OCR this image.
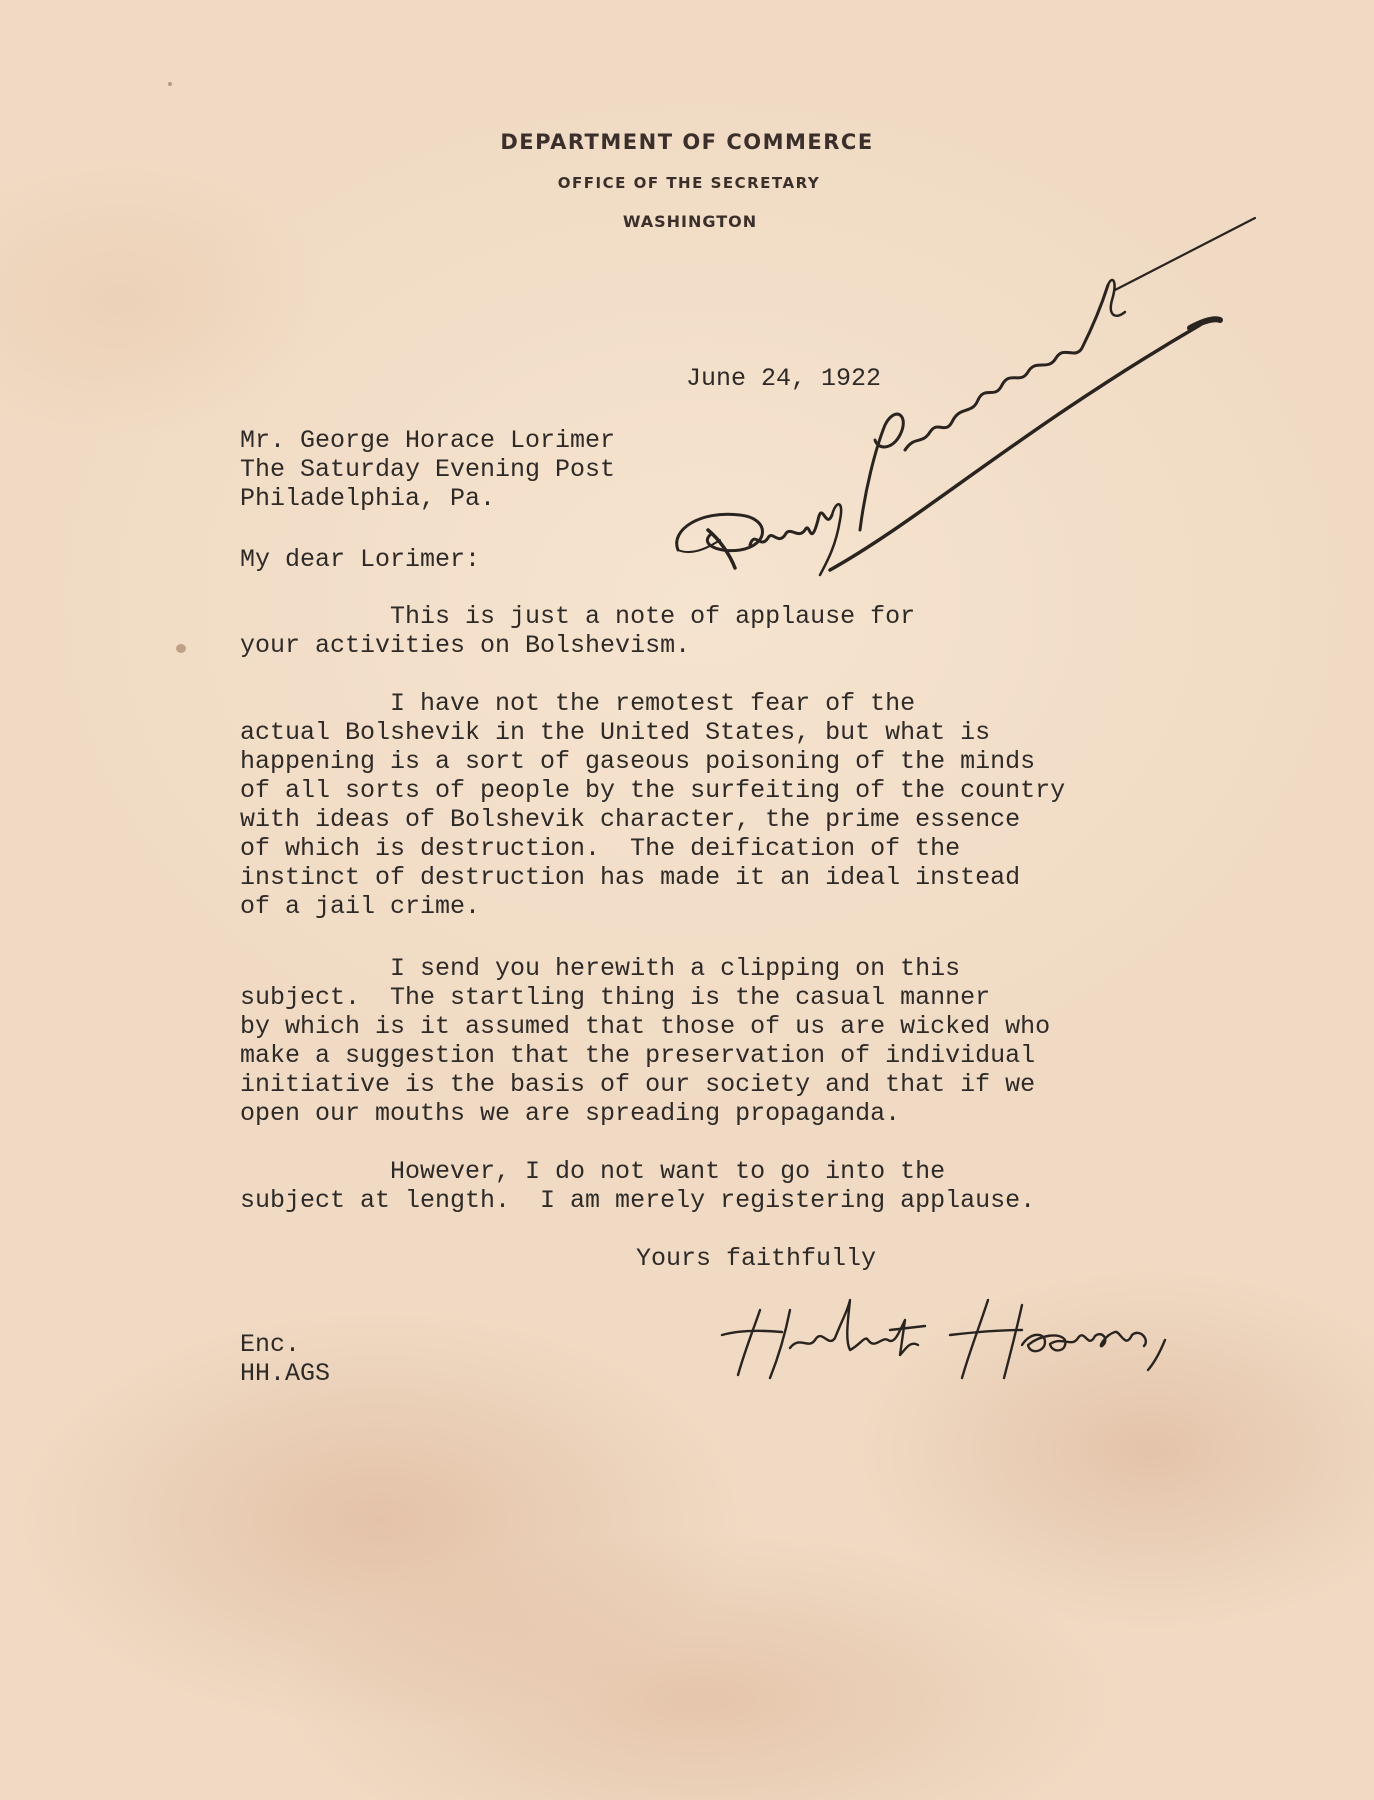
DEPARTMENT OF COMMERCE
OFFICE OF THE SECRETARY
WASHINGTON
June 24, 1922
Mr. George Horace Lorimer
The Saturday Evening Post
Philadelphia, Pa.
My dear Lorimer:
This is just a note of applause for
your activities on Bolshevism.
I have not the remotest fear of the
actual Bolshevik in the United States, but what is
happening is a sort of gaseous poisoning of the minds
of all sorts of people by the surfeiting of the country
with ideas of Bolshevik character, the prime essence
of which is destruction.  The deification of the
instinct of destruction has made it an ideal instead
of a jail crime.
I send you herewith a clipping on this
subject.  The startling thing is the casual manner
by which is it assumed that those of us are wicked who
make a suggestion that the preservation of individual
initiative is the basis of our society and that if we
open our mouths we are spreading propaganda.
However, I do not want to go into the
subject at length.  I am merely registering applause.
Yours faithfully
Enc.
HH.AGS
